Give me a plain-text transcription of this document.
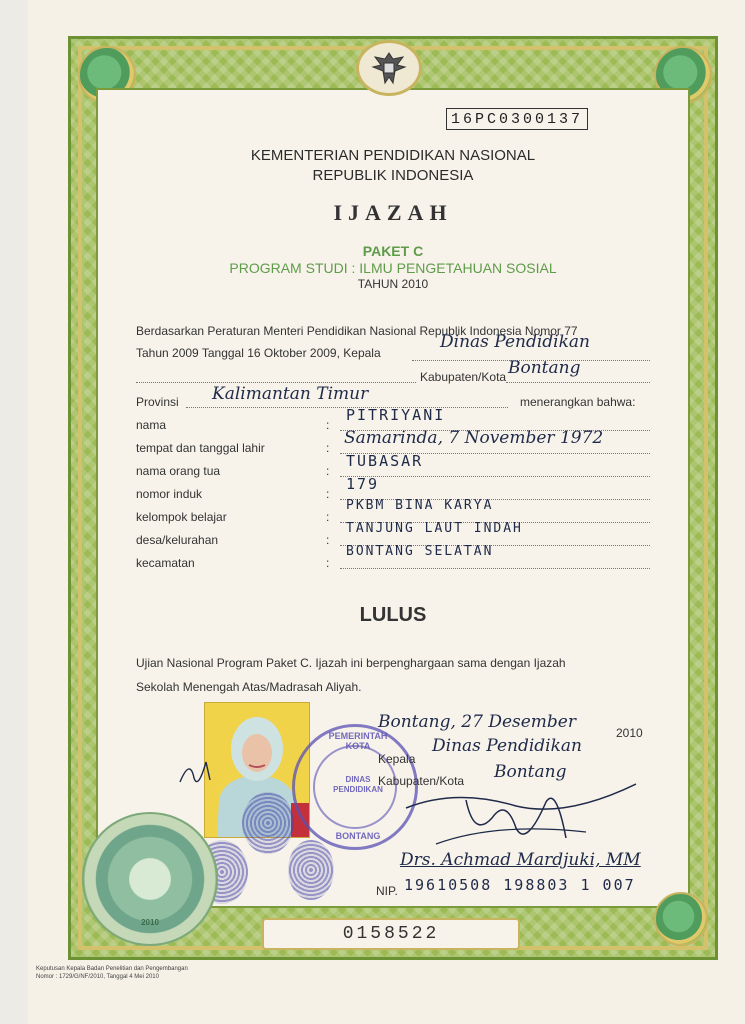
16PC0300137
KEMENTERIAN PENDIDIKAN NASIONAL
REPUBLIK INDONESIA
IJAZAH
PAKET C
PROGRAM STUDI : ILMU PENGETAHUAN SOSIAL
TAHUN 2010
Berdasarkan Peraturan Menteri Pendidikan Nasional Republik Indonesia Nomor 77
Tahun 2009 Tanggal 16 Oktober 2009, Kepala
Dinas Pendidikan
Kabupaten/Kota Bontang
Provinsi Kalimantan Timur	menerangkan bahwa:
nama	:
PITRIYANI
tempat dan tanggal lahir	: Samarinda, 7 November 1972
nama orang tua	:
TUBASAR
nomor induk	:
179
kelompok belajar	:
PKBM BINA KARYA
desa/kelurahan	:
TANJUNG LAUT INDAH
kecamatan	:
BONTANG SELATAN
LULUS
Ujian Nasional Program Paket C. Ijazah ini berpenghargaan sama dengan Ijazah
Sekolah Menengah Atas/Madrasah Aliyah.
PEMERINTAH KOTA
DINAS
PENDIDIKAN
BONTANG
Bontang, 27 Desember
2010
Kepala
Dinas Pendidikan
Kabupaten/Kota Bontang
Drs. Achmad Mardjuki, MM
NIP. 19610508 198803 1 007
2010
0158522
Keputusan Kepala Badan Penelitian dan Pengembangan
Nomor : 1729/G/NF/2010, Tanggal 4 Mei 2010
